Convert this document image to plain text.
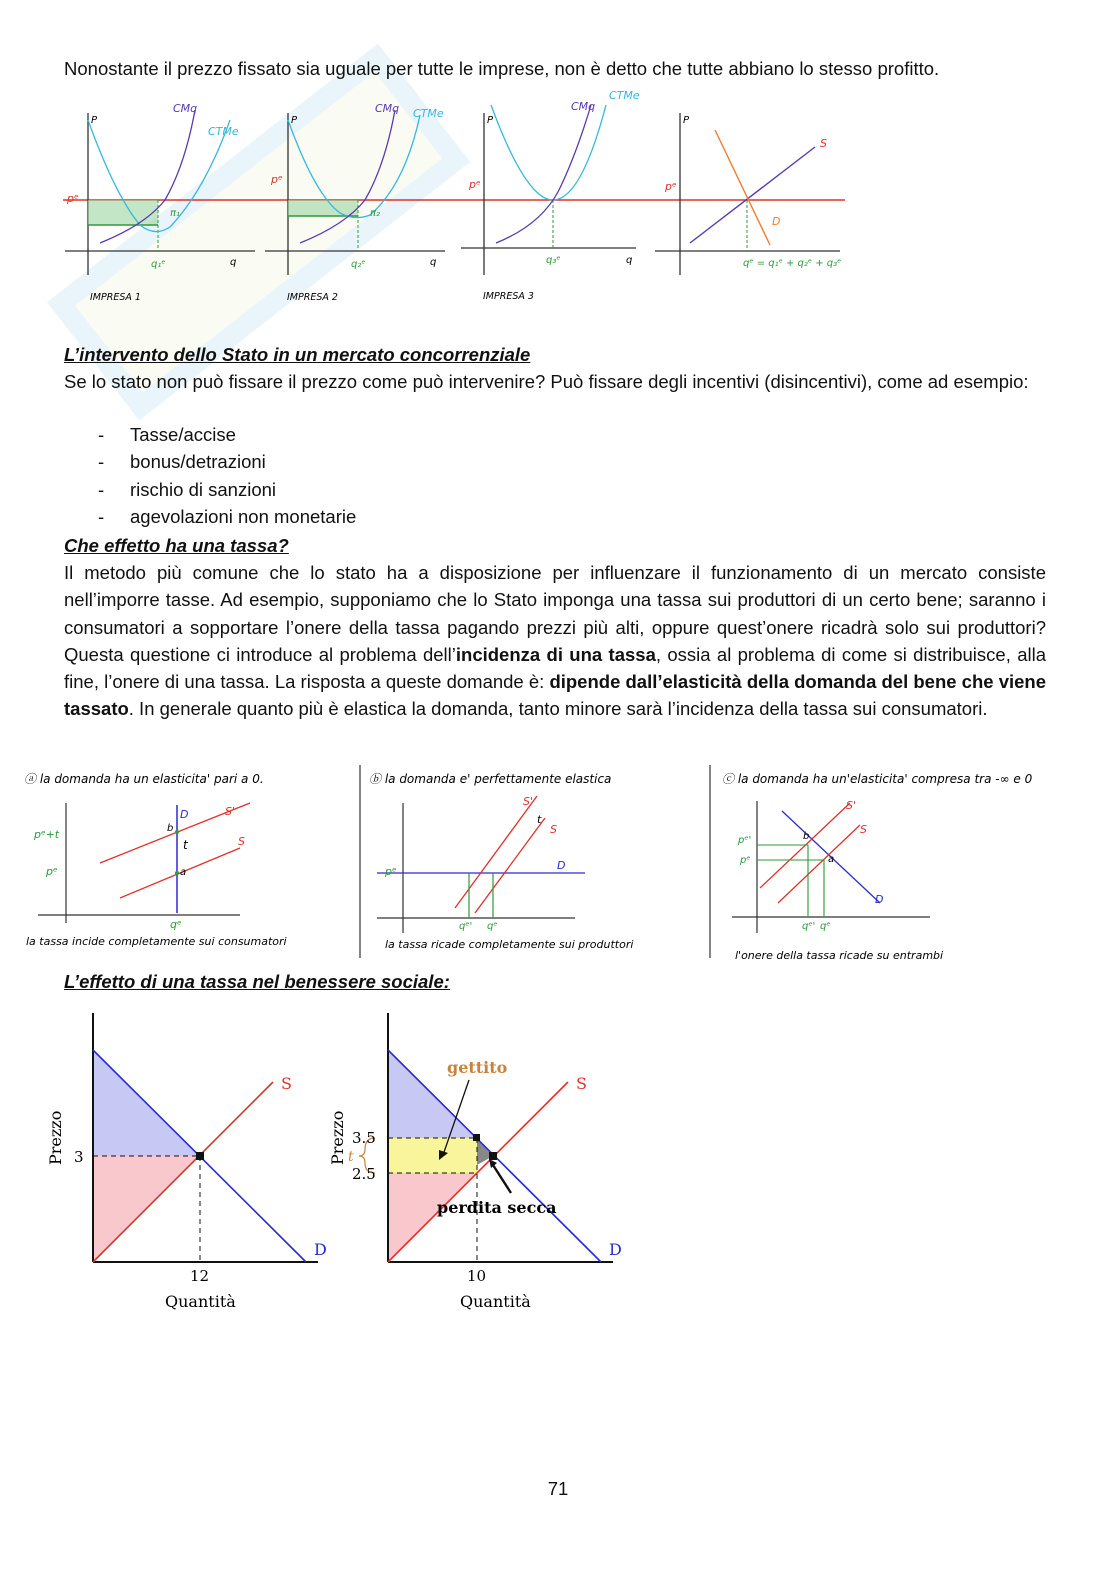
Nonostante il prezzo fissato sia uguale per tutte le imprese, non è detto che tutte abbiano lo stesso profitto.
P
q
pᵉ
CMq
CTMe
π₁
q₁ᵉ
IMPRESA 1
P
q
pᵉ
CMq CTMe
π₂
q₂ᵉ
IMPRESA 2
P
q
pᵉ
CMq
CTMe
q₃ᵉ
IMPRESA 3
P
pᵉ
S
D
qᵉ = q₁ᵉ + q₂ᵉ + q₃ᵉ
L’intervento dello Stato in un mercato concorrenziale
Se lo stato non può fissare il prezzo come può intervenire? Può fissare degli incentivi (disincentivi), come ad esempio:
- Tasse/accise
- bonus/detrazioni
- rischio di sanzioni
- agevolazioni non monetarie
Che effetto ha una tassa?
Il metodo più comune che lo stato ha a disposizione per influenzare il funzionamento di un mercato consiste nell’imporre tasse. Ad esempio, supponiamo che lo Stato imponga una tassa sui produttori di un certo bene; saranno i consumatori a sopportare l’onere della tassa pagando prezzi più alti, oppure quest’onere ricadrà solo sui produttori? Questa questione ci introduce al problema dell’incidenza di una tassa, ossia al problema di come si distribuisce, alla fine, l’onere di una tassa. La risposta a queste domande è: dipende dall’elasticità della domanda del bene che viene tassato. In generale quanto più è elastica la domanda, tanto minore sarà l’incidenza della tassa sui consumatori.
ⓐ la domanda ha un elasticita' pari a 0.
pᵉ+t
pᵉ
qᵉ
D	S'
S
t
b
a
la tassa incide completamente sui consumatori
ⓑ la domanda e' perfettamente elastica
pᵉ
qᵉ' qᵉ
D
S'
S
t
la tassa ricade completamente sui produttori
ⓒ la domanda ha un'elasticita' compresa tra -∞ e 0
pᵉ'
pᵉ
qᵉ' qᵉ
D
S'
S
b
a
l'onere della tassa ricade su entrambi
L’effetto di una tassa nel benessere sociale:
S
D
3
12
Quantità
Prezzo
S
D
3.5
2.5
t
gettito
perdita secca
10
Quantità
Prezzo
71
